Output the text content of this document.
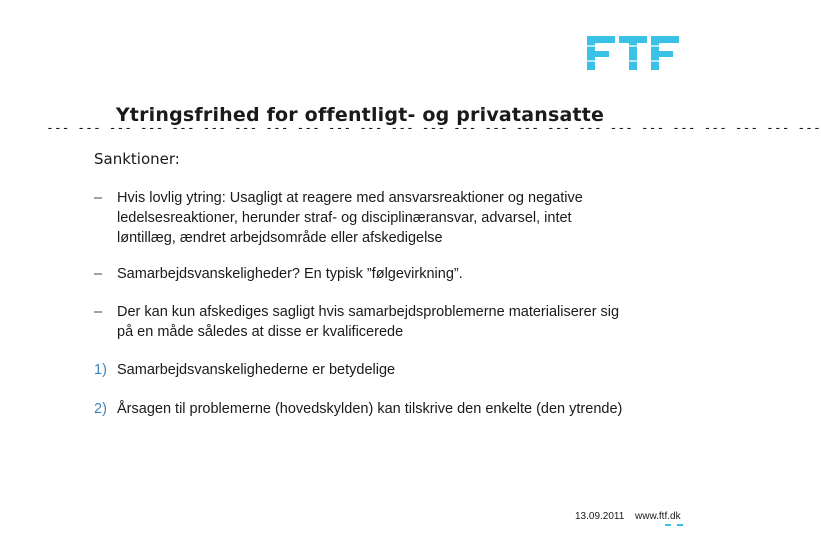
Ytringsfrihed for offentligt- og privatansatte
--- --- --- --- --- --- --- --- --- --- --- --- --- --- --- --- --- --- --- --- --- --- --- --- ---
Sanktioner:
–	Hvis lovlig ytring: Usagligt at reagere med ansvarsreaktioner og negative ledelsesreaktioner, herunder straf- og disciplinæransvar, advarsel, intet løntillæg, ændret arbejdsområde eller afskedigelse
–	Samarbejdsvanskeligheder? En typisk ”følgevirkning”.
–	Der kan kun afskediges sagligt hvis samarbejdsproblemerne materialiserer sig på en måde således at disse er kvalificerede
1) Samarbejdsvanskelighederne er betydelige
2) Årsagen til problemerne (hovedskylden) kan tilskrive den enkelte (den ytrende)
13.09.2011 www.ftf.dk
